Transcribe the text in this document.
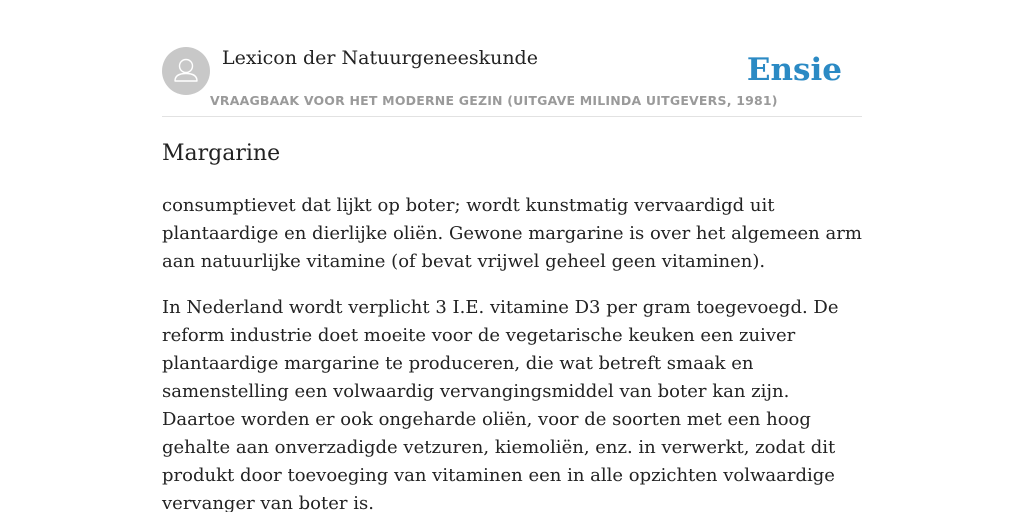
Lexicon der Natuurgeneeskunde
VRAAGBAAK VOOR HET MODERNE GEZIN (UITGAVE MILINDA UITGEVERS, 1981)
Ensie
Margarine

consumptievet dat lijkt op boter; wordt kunstmatig vervaardigd uit plantaardige en dierlijke oliën. Gewone margarine is over het algemeen arm aan natuurlijke vitamine (of bevat vrijwel geheel geen vitaminen).

In Nederland wordt verplicht 3 I.E. vitamine D3 per gram toegevoegd. De reform industrie doet moeite voor de vegetarische keuken een zuiver plantaardige margarine te produceren, die wat betreft smaak en samenstelling een volwaardig vervangingsmiddel van boter kan zijn. Daartoe worden er ook ongeharde oliën, voor de soorten met een hoog gehalte aan onverzadigde vetzuren, kiemoliën, enz. in verwerkt, zodat dit produkt door toevoeging van vitaminen een in alle opzichten volwaardige vervanger van boter is.
